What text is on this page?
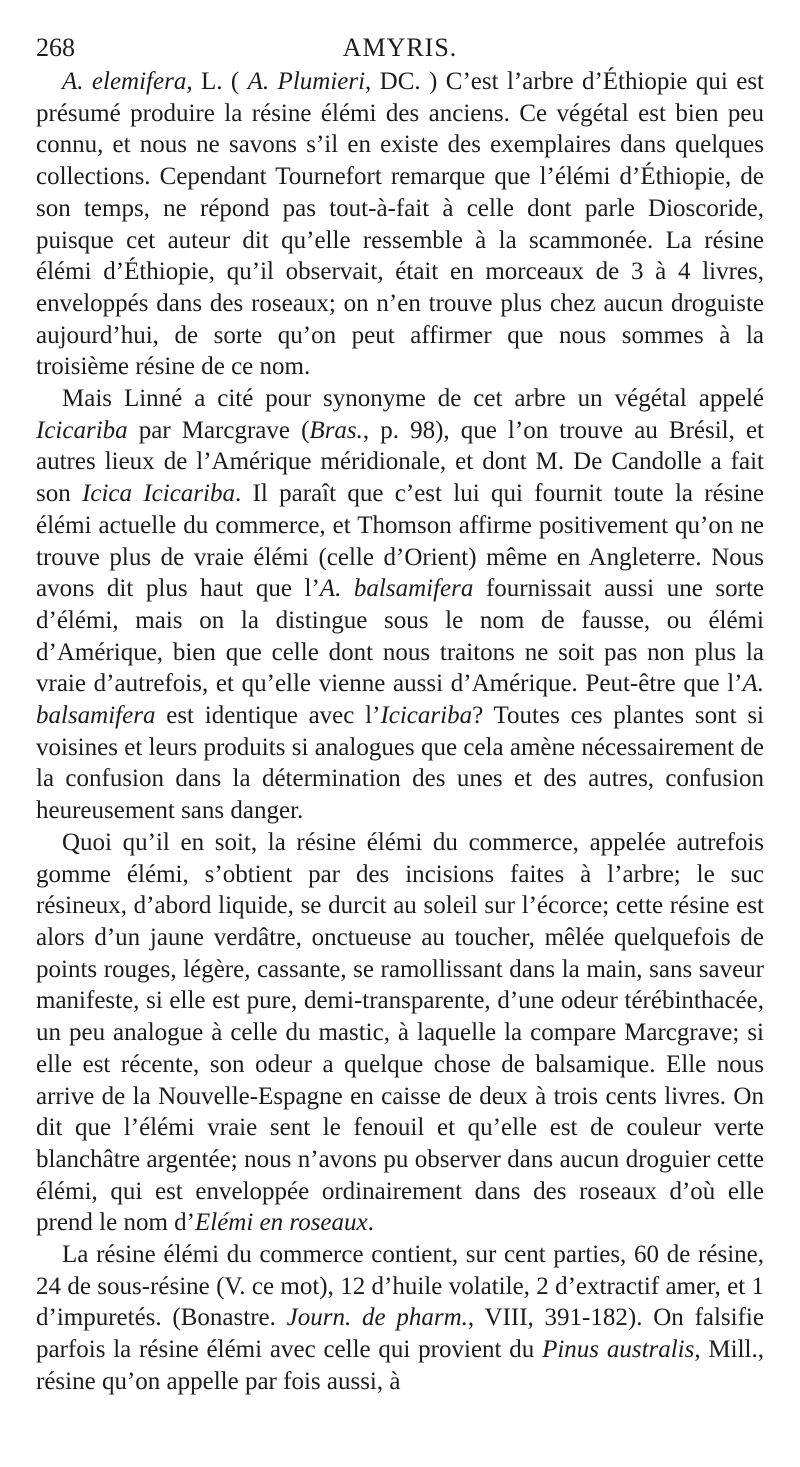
268	AMYRIS.

A. elemifera, L. ( A. Plumieri, DC. ) C’est l’arbre d’Éthiopie qui est présumé produire la résine élémi des anciens. Ce végétal est bien peu connu, et nous ne savons s’il en existe des exemplaires dans quelques collections. Cependant Tournefort remarque que l’élémi d’Éthiopie, de son temps, ne répond pas tout-à-fait à celle dont parle Dioscoride, puisque cet auteur dit qu’elle ressemble à la scammonée. La résine élémi d’Éthiopie, qu’il observait, était en morceaux de 3 à 4 livres, enveloppés dans des roseaux; on n’en trouve plus chez aucun droguiste aujourd’hui, de sorte qu’on peut affirmer que nous sommes à la troisième résine de ce nom.

Mais Linné a cité pour synonyme de cet arbre un végétal appelé Icicariba par Marcgrave (Bras., p. 98), que l’on trouve au Brésil, et autres lieux de l’Amérique méridionale, et dont M. De Candolle a fait son Icica Icicariba. Il paraît que c’est lui qui fournit toute la résine élémi actuelle du commerce, et Thomson affirme positivement qu’on ne trouve plus de vraie élémi (celle d’Orient) même en Angleterre. Nous avons dit plus haut que l’A. balsamifera fournissait aussi une sorte d’élémi, mais on la distingue sous le nom de fausse, ou élémi d’Amérique, bien que celle dont nous traitons ne soit pas non plus la vraie d’autrefois, et qu’elle vienne aussi d’Amérique. Peut-être que l’A. balsamifera est identique avec l’Icicariba? Toutes ces plantes sont si voisines et leurs produits si analogues que cela amène nécessairement de la confusion dans la détermination des unes et des autres, confusion heureusement sans danger.

Quoi qu’il en soit, la résine élémi du commerce, appelée autrefois gomme élémi, s’obtient par des incisions faites à l’arbre; le suc résineux, d’abord liquide, se durcit au soleil sur l’écorce; cette résine est alors d’un jaune verdâtre, onctueuse au toucher, mêlée quelquefois de points rouges, légère, cassante, se ramollissant dans la main, sans saveur manifeste, si elle est pure, demi-transparente, d’une odeur térébinthacée, un peu analogue à celle du mastic, à laquelle la compare Marcgrave; si elle est récente, son odeur a quelque chose de balsamique. Elle nous arrive de la Nouvelle-Espagne en caisse de deux à trois cents livres. On dit que l’élémi vraie sent le fenouil et qu’elle est de couleur verte blanchâtre argentée; nous n’avons pu observer dans aucun droguier cette élémi, qui est enveloppée ordinairement dans des roseaux d’où elle prend le nom d’Elémi en roseaux.

La résine élémi du commerce contient, sur cent parties, 60 de résine, 24 de sous-résine (V. ce mot), 12 d’huile volatile, 2 d’extractif amer, et 1 d’impuretés. (Bonastre. Journ. de pharm., VIII, 391-182). On falsifie parfois la résine élémi avec celle qui provient du Pinus australis, Mill., résine qu’on appelle par fois aussi, à
